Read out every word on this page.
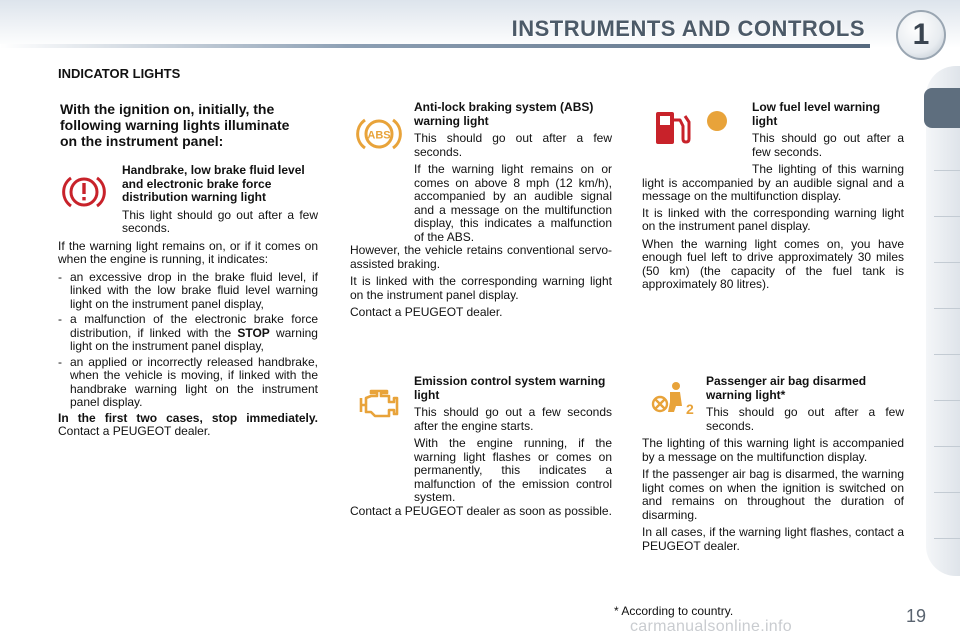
INSTRUMENTS AND CONTROLS	1
INDICATOR LIGHTS
With the ignition on, initially, the following warning lights illuminate on the instrument panel:

Handbrake, low brake fluid level and electronic brake force distribution warning light

This light should go out after a few seconds.

If the warning light remains on, or if it comes on when the engine is running, it indicates:

- an excessive drop in the brake fluid level, if linked with the low brake fluid level warning light on the instrument panel display,
- a malfunction of the electronic brake force distribution, if linked with the STOP warning light on the instrument panel display,
- an applied or incorrectly released handbrake, when the vehicle is moving, if linked with the handbrake warning light on the instrument panel display.

In the first two cases, stop immediately. Contact a PEUGEOT dealer.

ABS

Anti-lock braking system (ABS) warning light

This should go out after a few seconds.

If the warning light remains on or comes on above 8 mph (12 km/h), accompanied by an audible signal and a message on the multifunction display, this indicates a malfunction of the ABS.

However, the vehicle retains conventional servo-assisted braking.

It is linked with the corresponding warning light on the instrument panel display.

Contact a PEUGEOT dealer.

Emission control system warning light

This should go out a few seconds after the engine starts.

With the engine running, if the warning light flashes or comes on permanently, this indicates a malfunction of the emission control system.

Contact a PEUGEOT dealer as soon as possible.

Low fuel level warning light

This should go out after a few seconds.

The lighting of this warning light is accompanied by an audible signal and a message on the multifunction display.

It is linked with the corresponding warning light on the instrument panel display.

When the warning light comes on, you have enough fuel left to drive approximately 30 miles (50 km) (the capacity of the fuel tank is approximately 80 litres).

2

Passenger air bag disarmed warning light*

This should go out after a few seconds.

The lighting of this warning light is accompanied by a message on the multifunction display.

If the passenger air bag is disarmed, the warning light comes on when the ignition is switched on and remains on throughout the duration of disarming.

In all cases, if the warning light flashes, contact a PEUGEOT dealer.

* According to country.
carmanualsonline.info
19
